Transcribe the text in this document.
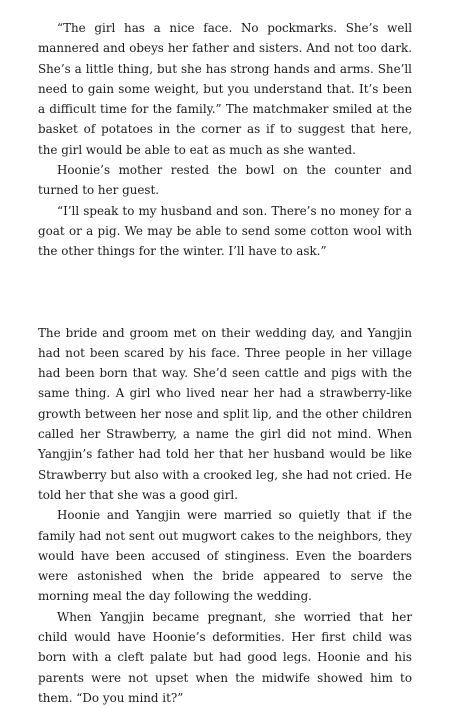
“The girl has a nice face. No pockmarks. She’s well mannered and obeys her father and sisters. And not too dark. She’s a little thing, but she has strong hands and arms. She’ll need to gain some weight, but you understand that. It’s been a difficult time for the family.” The matchmaker smiled at the basket of potatoes in the corner as if to suggest that here, the girl would be able to eat as much as she wanted.

Hoonie’s mother rested the bowl on the counter and turned to her guest.

“I’ll speak to my husband and son. There’s no money for a goat or a pig. We may be able to send some cotton wool with the other things for the winter. I’ll have to ask.”

The bride and groom met on their wedding day, and Yangjin had not been scared by his face. Three people in her village had been born that way. She’d seen cattle and pigs with the same thing. A girl who lived near her had a strawberry-like growth between her nose and split lip, and the other children called her Strawberry, a name the girl did not mind. When Yangjin’s father had told her that her husband would be like Strawberry but also with a crooked leg, she had not cried. He told her that she was a good girl.

Hoonie and Yangjin were married so quietly that if the family had not sent out mugwort cakes to the neighbors, they would have been accused of stinginess. Even the boarders were astonished when the bride appeared to serve the morning meal the day following the wedding.

When Yangjin became pregnant, she worried that her child would have Hoonie’s deformities. Her first child was born with a cleft palate but had good legs. Hoonie and his parents were not upset when the midwife showed him to them. “Do you mind it?”
